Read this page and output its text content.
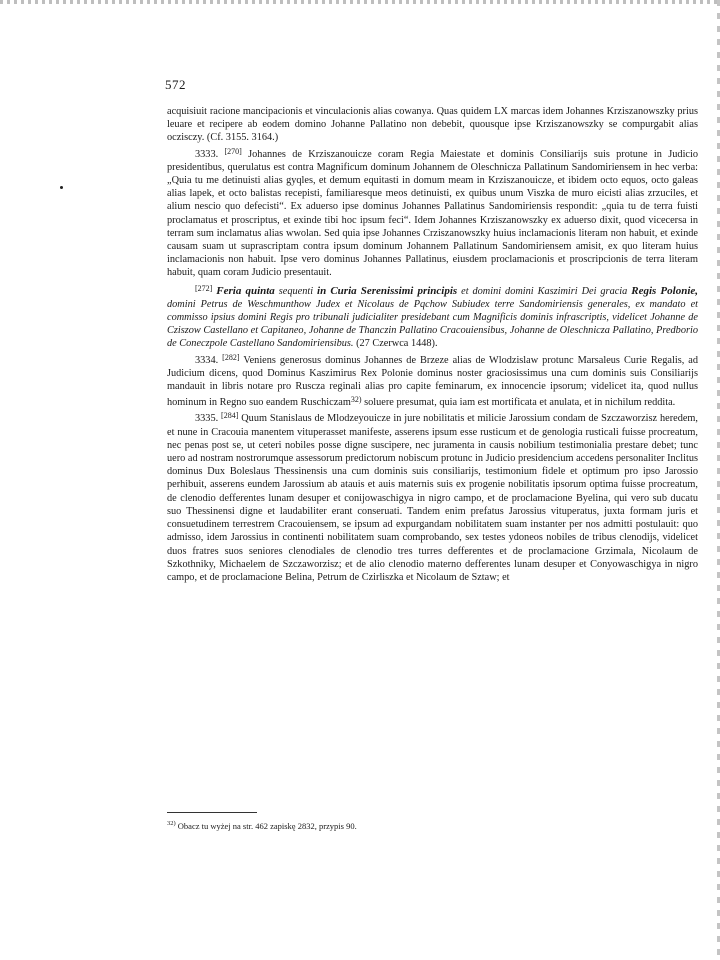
572

acquisiuit racione mancipacionis et vinculacionis alias cowanya. Quas quidem LX marcas idem Johannes Krziszanowszky prius leuare et recipere ab eodem domino Johanne Pallatino non debebit, quousque ipse Krziszanowszky se compurgabit alias oczisczy. (Cf. 3155. 3164.)

3333. [270] Johannes de Krziszanouicze coram Regia Maiestate et dominis Consiliarijs suis protune in Judicio presidentibus, querulatus est contra Magnificum dominum Johannem de Oleschnicza Pallatinum Sandomiriensem in hec verba: „Quia tu me detinuisti alias gyqles, et demum equitasti in domum meam in Krziszanouicze, et ibidem octo equos, octo galeas alias lapek, et octo balistas recepisti, familiaresque meos detinuisti, ex quibus unum Viszka de muro eicisti alias zrzuciles, et alium nescio quo defecisti“. Ex aduerso ipse dominus Johannes Pallatinus Sandomiriensis respondit: „quia tu de terra fuisti proclamatus et proscriptus, et exinde tibi hoc ipsum feci“. Idem Johannes Krziszanowszky ex aduerso dixit, quod vicecersa in terram sum inclamatus alias wwolan. Sed quia ipse Johannes Crziszanowszky huius inclamacionis literam non habuit, et exinde causam suam ut suprascriptam contra ipsum dominum Johannem Pallatinum Sandomiriensem amisit, ex quo literam huius inclamacionis non habuit. Ipse vero dominus Johannes Pallatinus, eiusdem proclamacionis et proscripcionis de terra literam habuit, quam coram Judicio presentauit.

[272] Feria quinta sequenti in Curia Serenissimi principis et domini domini Kaszimiri Dei gracia Regis Polonie, domini Petrus de Weschmunthow Judex et Nicolaus de Pqchow Subiudex terre Sandomiriensis generales, ex mandato et commisso ipsius domini Regis pro tribunali judicialiter presidebant cum Magnificis dominis infrascriptis, videlicet Johanne de Cziszow Castellano et Capitaneo, Johanne de Thanczin Pallatino Cracouiensibus, Johanne de Oleschnicza Pallatino, Predborio de Coneczpole Castellano Sandomiriensibus. (27 Czerwca 1448).

3334. [282] Veniens generosus dominus Johannes de Brzeze alias de Wlodzislaw protunc Marsaleus Curie Regalis, ad Judicium dicens, quod Dominus Kaszimirus Rex Polonie dominus noster graciosissimus una cum dominis suis Consiliarijs mandauit in libris notare pro Rusczа reginali alias pro capite feminarum, ex innocencie ipsorum; videlicet ita, quod nullus hominum in Regno suo eandem Ruschiczam$^{32)}$ soluere presumat, quia iam est mortificata et anulata, et in nichilum reddita.

3335. [284] Quum Stanislaus de Mlodzeyouicze in jure nobilitatis et milicie Jarossium condam de Szczaworzisz heredem, et nune in Cracouia manentem vituperasset manifeste, asserens ipsum esse rusticum et de genologia rusticali fuisse procreatum, nec penas post se, ut ceteri nobiles posse digne suscipere, nec juramenta in causis nobilium testimonialia prestare debet; tunc uero ad nostram nostrorumque assessorum predictorum nobiscum protunc in Judicio presidencium accedens personaliter Inclitus dominus Dux Boleslaus Thessinensis una cum dominis suis consiliarijs, testimonium fidele et optimum pro ipso Jarossio perhibuit, asserens eundem Jarossium ab atauis et auis maternis suis ex progenie nobilitatis ipsorum optima fuisse procreatum, de clenodio defferentes lunam desuper et conijowaschigya in nigro campo, et de proclamacione Byelina, qui vero sub ducatu suo Thessinensi digne et laudabiliter erant conseruati. Tandem enim prefatus Jarossius vituperatus, juxta formam juris et consuetudinem terrestrem Cracouiensem, se ipsum ad expurgandam nobilitatem suam instanter per nos admitti postulauit: quo admisso, idem Jarossius in continenti nobilitatem suam comprobando, sex testes ydoneos nobiles de tribus clenodijs, videlicet duos fratres suos seniores clenodiales de clenodio tres turres defferentes et de proclamacione Grzimala, Nicolaum de Szkothniky, Michaelem de Szczaworzisz; et de alio clenodio materno defferentes lunam desuper et Conyowaschigya in nigro campo, et de proclamacione Belina, Petrum de Czirliszka et Nicolaum de Sztaw; et

$^{32)}$ Obacz tu wyżej na str. 462 zapiskę 2832, przypis 90.
